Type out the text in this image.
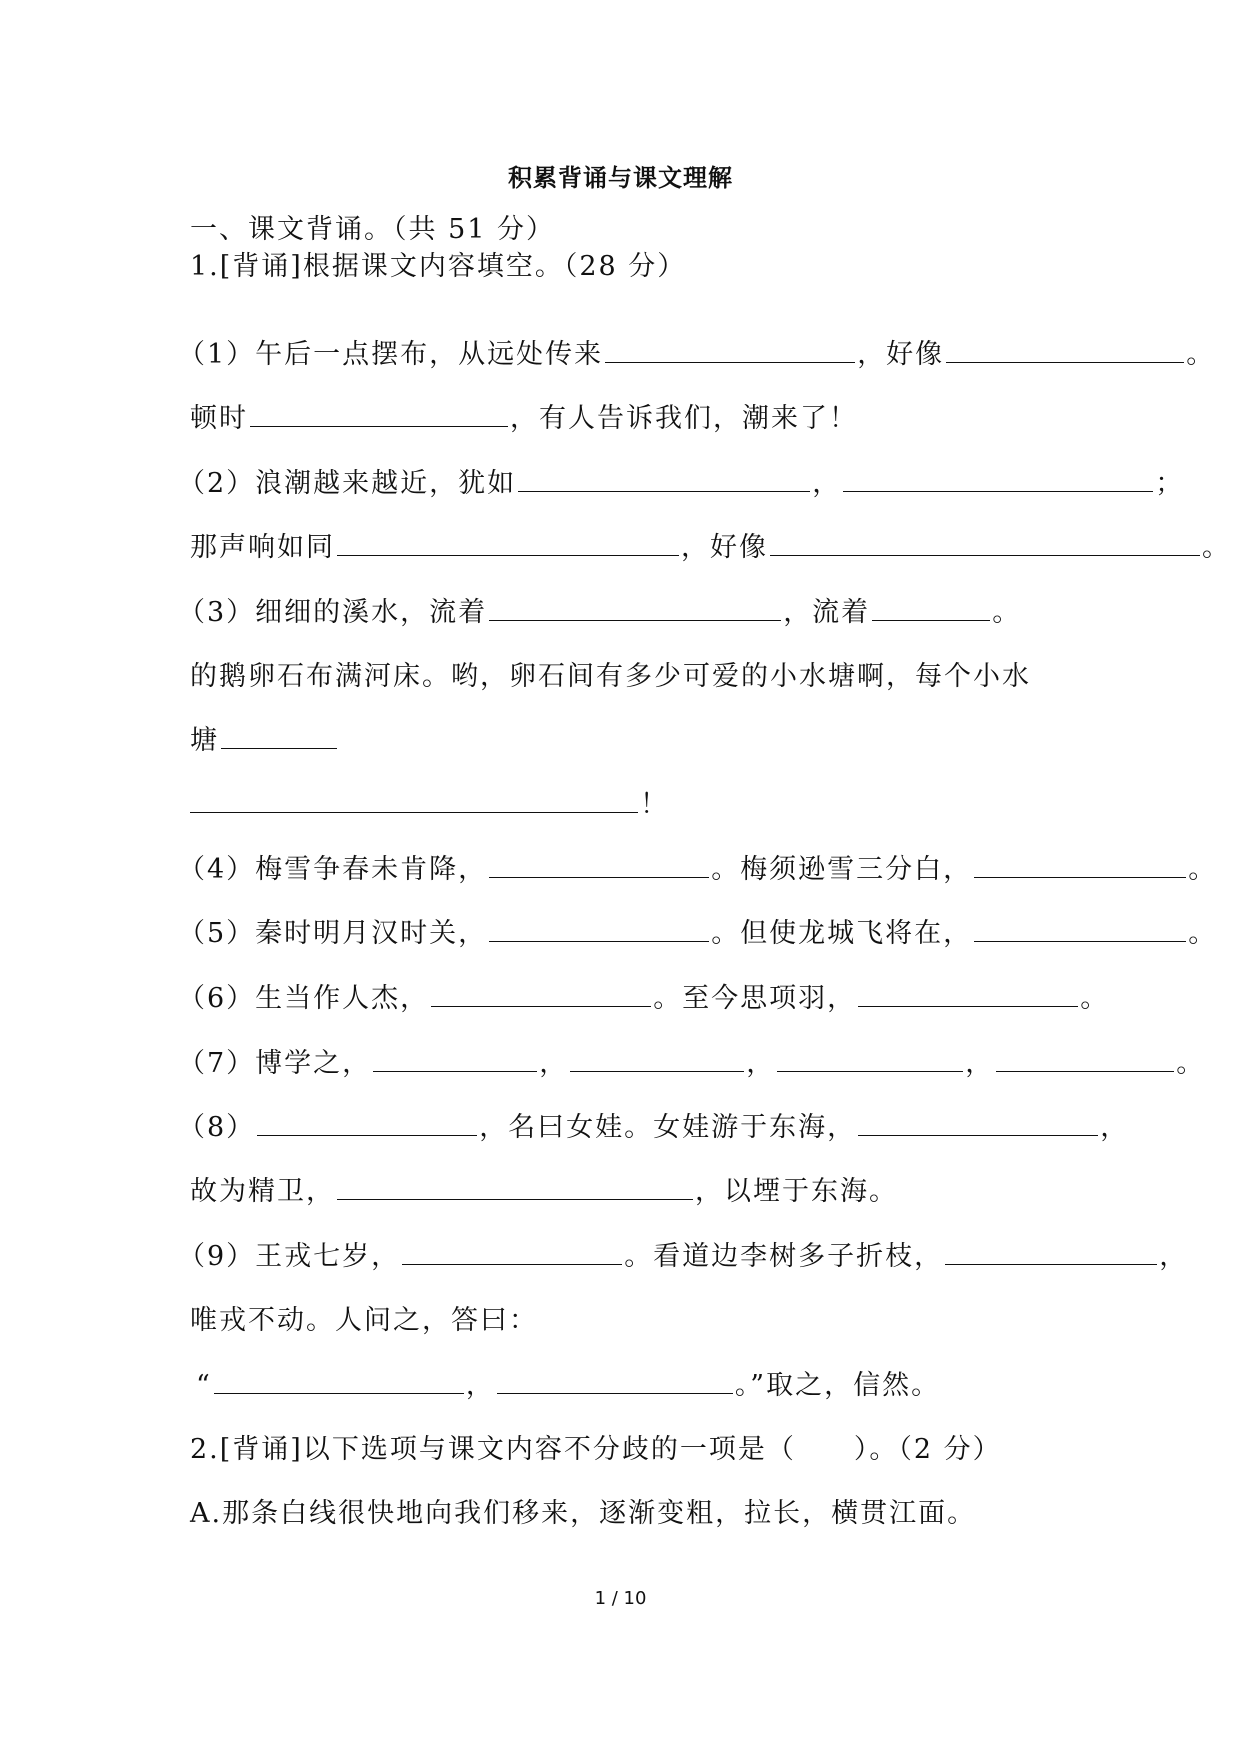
积累背诵与课文理解
一、课文背诵。（共 51 分）
1.[背诵]根据课文内容填空。（28 分）
（1）午后一点摆布，从远处传来	，好像	。
顿时	，有人告诉我们，潮来了！
（2）浪潮越来越近，犹如	，	；
那声响如同	，好像	。
（3）细细的溪水，流着	，流着	。
的鹅卵石布满河床。哟，卵石间有多少可爱的小水塘啊，每个小水
塘
！
（4）梅雪争春未肯降，	。梅须逊雪三分白，	。
（5）秦时明月汉时关，	。但使龙城飞将在，	。
（6）生当作人杰，	。至今思项羽，	。
（7）博学之，	，	，	，	。
（8）	，名曰女娃。女娃游于东海，	，
故为精卫，	，以堙于东海。
（9）王戎七岁，	。看道边李树多子折枝，	，
唯戎不动。人问之，答曰：
“	，	。”取之，信然。
2.[背诵]以下选项与课文内容不分歧的一项是（　　）。（2 分）
A.那条白线很快地向我们移来，逐渐变粗，拉长，横贯江面。
1 / 10
